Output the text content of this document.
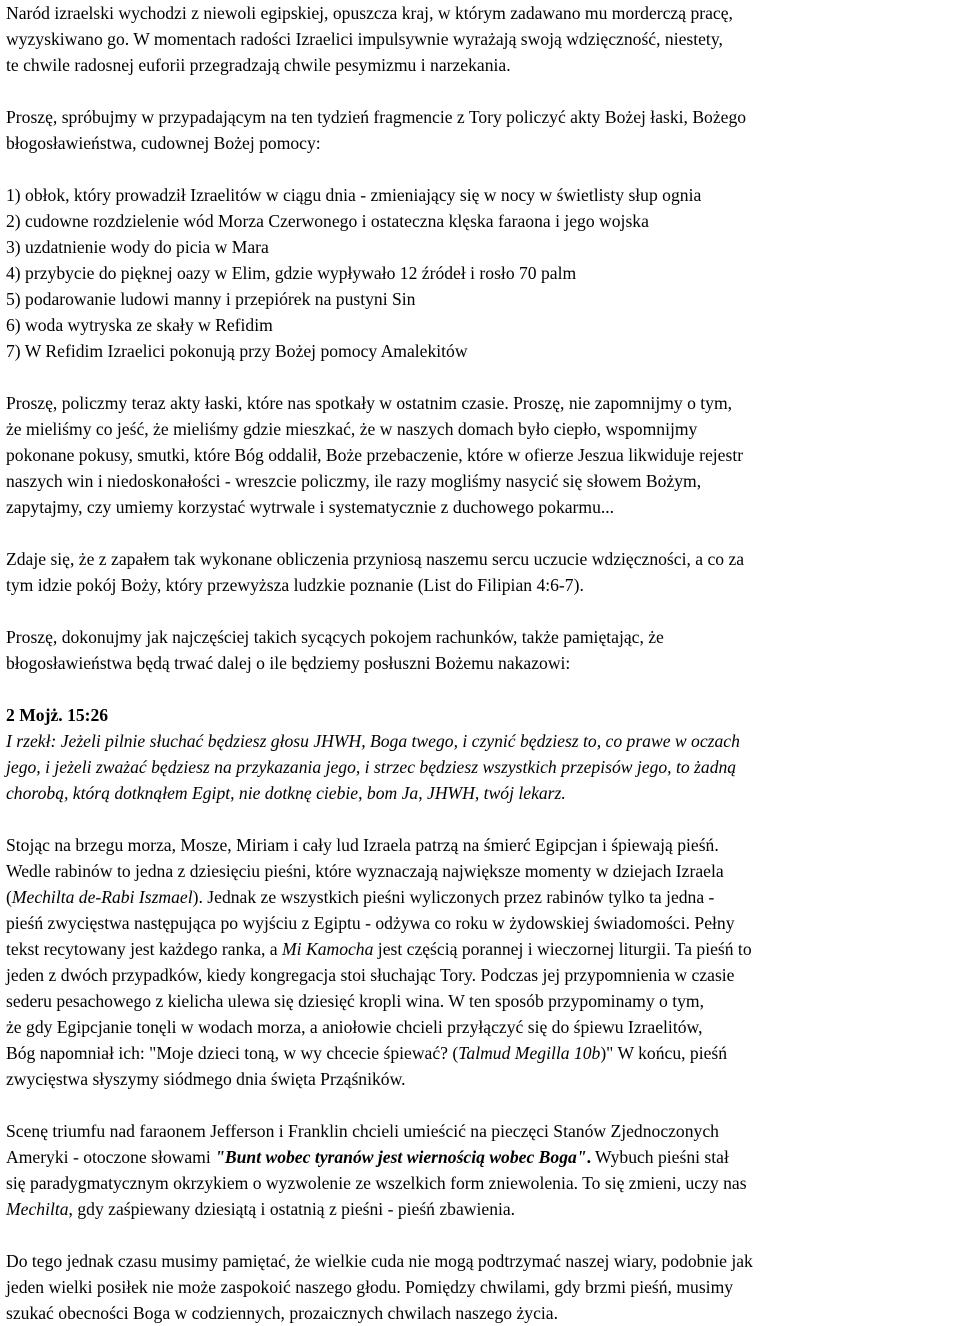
Naród izraelski wychodzi z niewoli egipskiej, opuszcza kraj, w którym zadawano mu morderczą pracę,
wyzyskiwano go. W momentach radości Izraelici impulsywnie wyrażają swoją wdzięczność, niestety,
te chwile radosnej euforii przegradzają chwile pesymizmu i narzekania.
Proszę, spróbujmy w przypadającym na ten tydzień fragmencie z Tory policzyć akty Bożej łaski, Bożego
błogosławieństwa, cudownej Bożej pomocy:
1) obłok, który prowadził Izraelitów w ciągu dnia - zmieniający się w nocy w świetlisty słup ognia
2) cudowne rozdzielenie wód Morza Czerwonego i ostateczna klęska faraona i jego wojska
3) uzdatnienie wody do picia w Mara
4) przybycie do pięknej oazy w Elim, gdzie wypływało 12 źródeł i rosło 70 palm
5) podarowanie ludowi manny i przepiórek na pustyni Sin
6) woda wytryska ze skały w Refidim
7) W Refidim Izraelici pokonują przy Bożej pomocy Amalekitów
Proszę, policzmy teraz akty łaski, które nas spotkały w ostatnim czasie. Proszę, nie zapomnijmy o tym,
że mieliśmy co jeść, że mieliśmy gdzie mieszkać, że w naszych domach było ciepło, wspomnijmy
pokonane pokusy, smutki, które Bóg oddalił, Boże przebaczenie, które w ofierze Jeszua likwiduje rejestr
naszych win i niedoskonałości - wreszcie policzmy, ile razy mogliśmy nasycić się słowem Bożym,
zapytajmy, czy umiemy korzystać wytrwale i systematycznie z duchowego pokarmu...
Zdaje się, że z zapałem tak wykonane obliczenia przyniosą naszemu sercu uczucie wdzięczności, a co za
tym idzie pokój Boży, który przewyższa ludzkie poznanie (List do Filipian 4:6-7).
Proszę, dokonujmy jak najczęściej takich sycących pokojem rachunków, także pamiętając, że
błogosławieństwa będą trwać dalej o ile będziemy posłuszni Bożemu nakazowi:
2 Mojż. 15:26
I rzekł: Jeżeli pilnie słuchać będziesz głosu JHWH, Boga twego, i czynić będziesz to, co prawe w oczach
jego, i jeżeli zważać będziesz na przykazania jego, i strzec będziesz wszystkich przepisów jego, to żadną
chorobą, którą dotknąłem Egipt, nie dotknę ciebie, bom Ja, JHWH, twój lekarz.
Stojąc na brzegu morza, Mosze, Miriam i cały lud Izraela patrzą na śmierć Egipcjan i śpiewają pieśń.
Wedle rabinów to jedna z dziesięciu pieśni, które wyznaczają największe momenty w dziejach Izraela
(Mechilta de-Rabi Iszmael). Jednak ze wszystkich pieśni wyliczonych przez rabinów tylko ta jedna -
pieśń zwycięstwa następująca po wyjściu z Egiptu - odżywa co roku w żydowskiej świadomości. Pełny
tekst recytowany jest każdego ranka, a Mi Kamocha jest częścią porannej i wieczornej liturgii. Ta pieśń to
jeden z dwóch przypadków, kiedy kongregacja stoi słuchając Tory. Podczas jej przypomnienia w czasie
sederu pesachowego z kielicha ulewa się dziesięć kropli wina. W ten sposób przypominamy o tym,
że gdy Egipcjanie tonęli w wodach morza, a aniołowie chcieli przyłączyć się do śpiewu Izraelitów,
Bóg napomniał ich: "Moje dzieci toną, w wy chcecie śpiewać? (Talmud Megilla 10b)" W końcu, pieśń
zwycięstwa słyszymy siódmego dnia święta Prząśników.
Scenę triumfu nad faraonem Jefferson i Franklin chcieli umieścić na pieczęci Stanów Zjednoczonych
Ameryki - otoczone słowami "Bunt wobec tyranów jest wiernością wobec Boga". Wybuch pieśni stał
się paradygmatycznym okrzykiem o wyzwolenie ze wszelkich form zniewolenia. To się zmieni, uczy nas
Mechilta, gdy zaśpiewany dziesiątą i ostatnią z pieśni - pieśń zbawienia.
Do tego jednak czasu musimy pamiętać, że wielkie cuda nie mogą podtrzymać naszej wiary, podobnie jak
jeden wielki posiłek nie może zaspokoić naszego głodu. Pomiędzy chwilami, gdy brzmi pieśń, musimy
szukać obecności Boga w codziennych, prozaicznych chwilach naszego życia.
